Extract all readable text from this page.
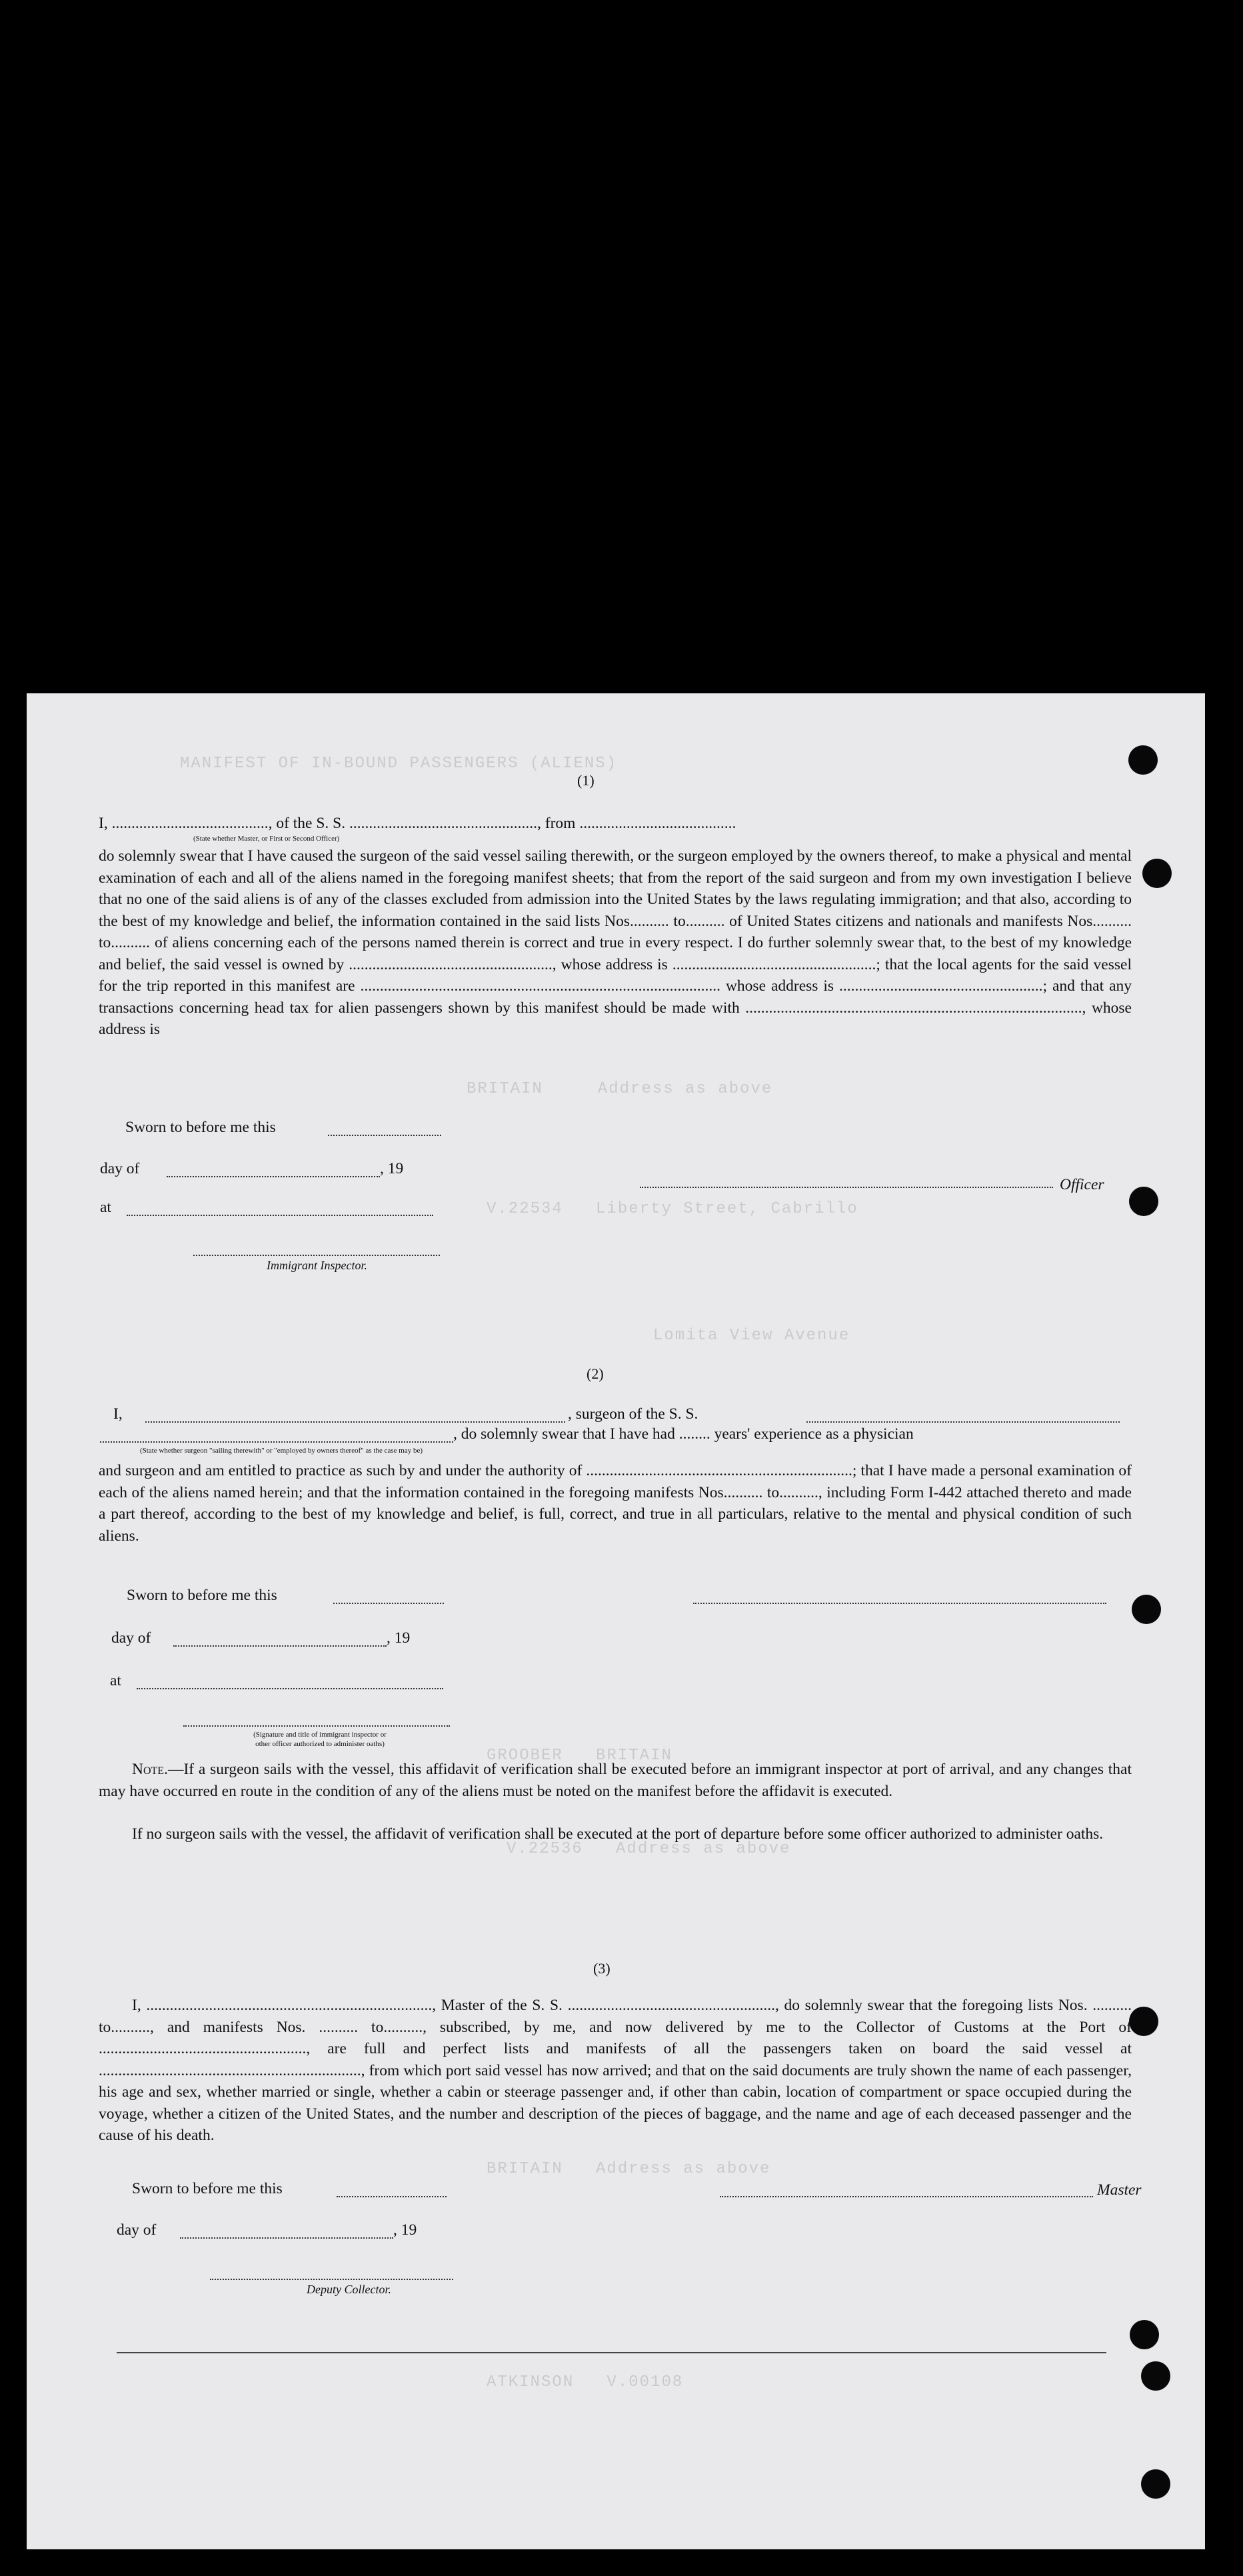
MANIFEST OF IN-BOUND PASSENGERS (ALIENS)
BRITAIN     Address as above
V.22534   Liberty Street, Cabrillo
Lomita View Avenue
GROOBER   BRITAIN
V.22536   Address as above
BRITAIN   Address as above
ATKINSON   V.00108
(1)
I, ........................................, of the S. S. ................................................, from ........................................
(State whether Master, or First or Second Officer)
do solemnly swear that I have caused the surgeon of the said vessel sailing therewith, or the surgeon employed by the owners thereof, to make a physical and mental examination of each and all of the aliens named in the foregoing manifest sheets; that from the report of the said surgeon and from my own investigation I believe that no one of the said aliens is of any of the classes excluded from admission into the United States by the laws regulating immigration; and that also, according to the best of my knowledge and belief, the information contained in the said lists Nos.......... to.......... of United States citizens and nationals and manifests Nos.......... to.......... of aliens concerning each of the persons named therein is correct and true in every respect. I do further solemnly swear that, to the best of my knowledge and belief, the said vessel is owned by ...................................................., whose address is ....................................................; that the local agents for the said vessel for the trip reported in this manifest are ............................................................................................ whose address is ....................................................; and that any transactions concerning head tax for alien passengers shown by this manifest should be made with ......................................................................................, whose address is
Sworn to before me this
day of	, 19
at
Immigrant Inspector.
Officer
(2)
I,	, surgeon of the S. S.
, do solemnly swear that I have had ........ years' experience as a physician
(State whether surgeon "sailing therewith" or "employed by owners thereof" as the case may be)
and surgeon and am entitled to practice as such by and under the authority of ....................................................................; that I have made a personal examination of each of the aliens named herein; and that the information contained in the foregoing manifests Nos.......... to.........., including Form I-442 attached thereto and made a part thereof, according to the best of my knowledge and belief, is full, correct, and true in all particulars, relative to the mental and physical condition of such aliens.
Sworn to before me this
day of	, 19
at
(Signature and title of immigrant inspector or
other officer authorized to administer oaths)
Note.—If a surgeon sails with the vessel, this affidavit of verification shall be executed before an immigrant inspector at port of arrival, and any changes that may have occurred en route in the condition of any of the aliens must be noted on the manifest before the affidavit is executed.
If no surgeon sails with the vessel, the affidavit of verification shall be executed at the port of departure before some officer authorized to administer oaths.
(3)
I, ........................................................................., Master of the S. S. ....................................................., do solemnly swear that the foregoing lists Nos. .......... to.........., and manifests Nos. .......... to.........., subscribed, by me, and now delivered by me to the Collector of Customs at the Port of ....................................................., are full and perfect lists and manifests of all the passengers taken on board the said vessel at ..................................................................., from which port said vessel has now arrived; and that on the said documents are truly shown the name of each passenger, his age and sex, whether married or single, whether a cabin or steerage passenger and, if other than cabin, location of compartment or space occupied during the voyage, whether a citizen of the United States, and the number and description of the pieces of baggage, and the name and age of each deceased passenger and the cause of his death.
Sworn to before me this
day of	, 19
Deputy Collector.
Master
